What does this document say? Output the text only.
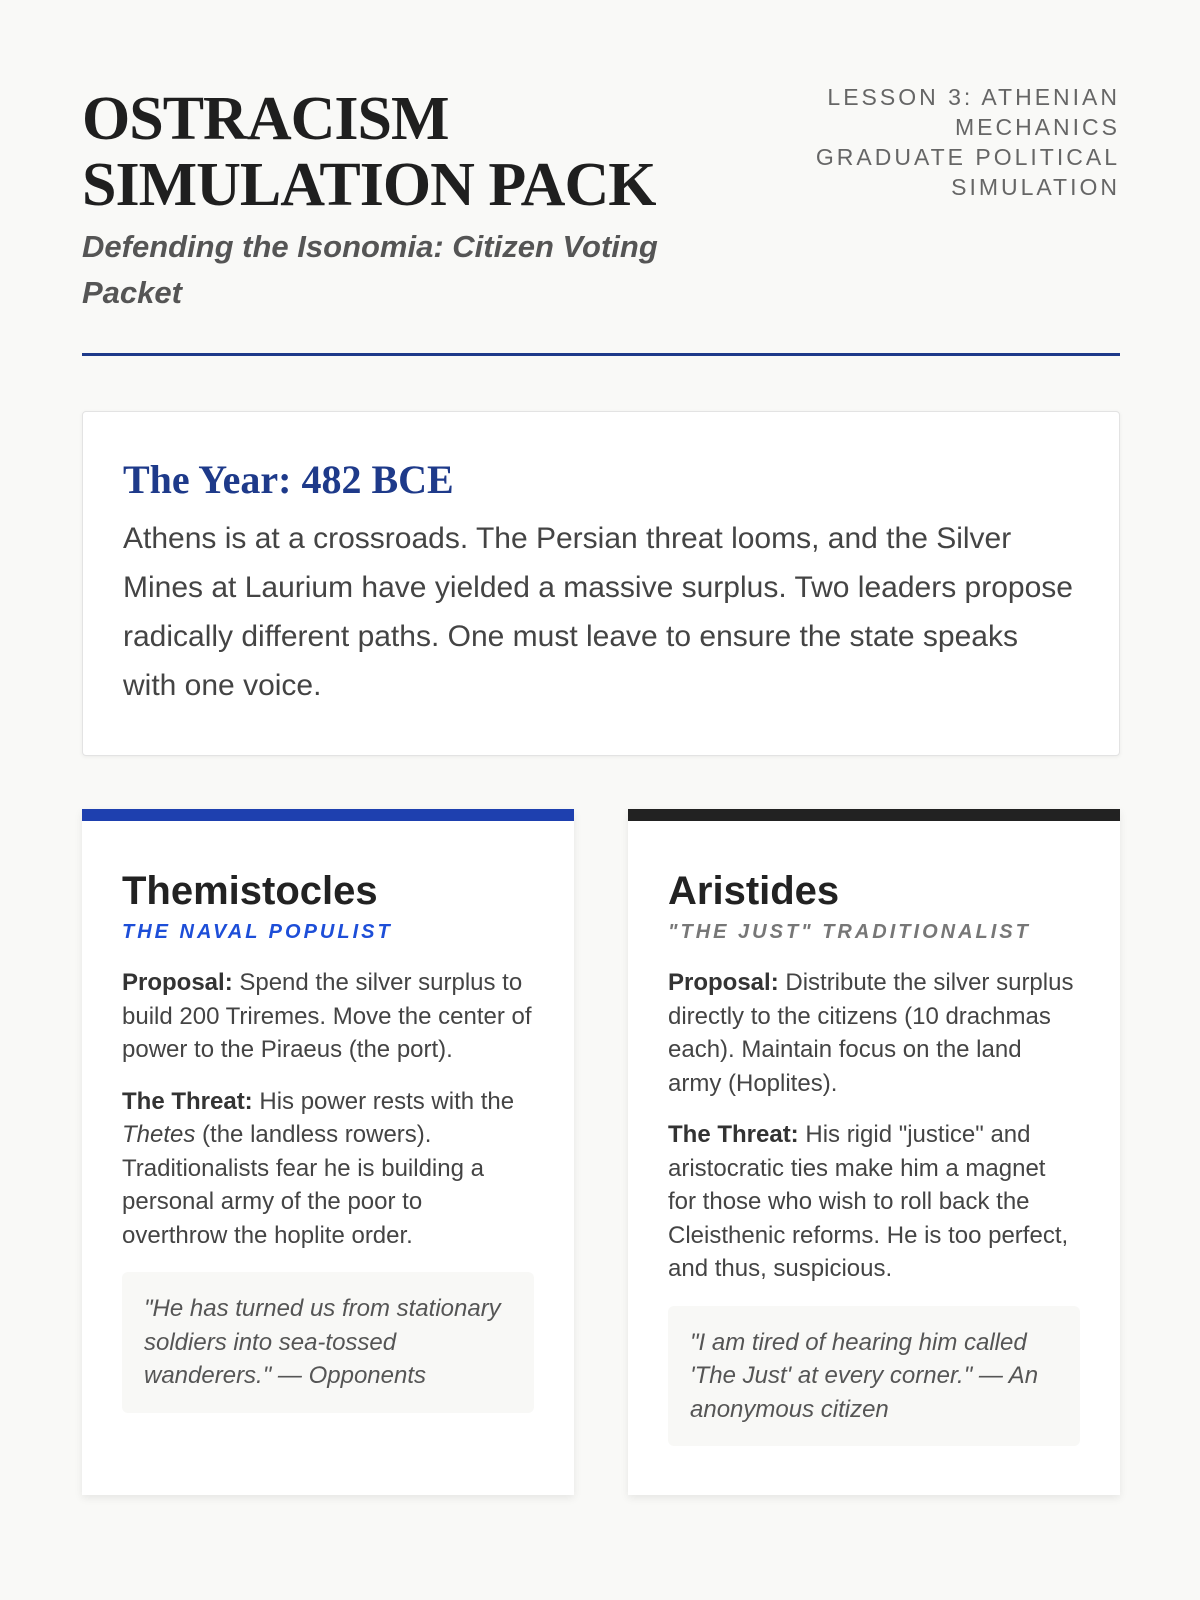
OSTRACISM SIMULATION PACK
Defending the Isonomia: Citizen Voting Packet
LESSON 3: ATHENIAN MECHANICS
GRADUATE POLITICAL SIMULATION
The Year: 482 BCE

Athens is at a crossroads. The Persian threat looms, and the Silver Mines at Laurium have yielded a massive surplus. Two leaders propose radically different paths. One must leave to ensure the state speaks with one voice.

Themistocles
THE NAVAL POPULIST

Proposal: Spend the silver surplus to build 200 Triremes. Move the center of power to the Piraeus (the port).

The Threat: His power rests with the Thetes (the landless rowers). Traditionalists fear he is building a personal army of the poor to overthrow the hoplite order.

"He has turned us from stationary soldiers into sea-tossed wanderers." — Opponents
Aristides
"THE JUST" TRADITIONALIST

Proposal: Distribute the silver surplus directly to the citizens (10 drachmas each). Maintain focus on the land army (Hoplites).

The Threat: His rigid "justice" and aristocratic ties make him a magnet for those who wish to roll back the Cleisthenic reforms. He is too perfect, and thus, suspicious.

"I am tired of hearing him called 'The Just' at every corner." — An anonymous citizen
